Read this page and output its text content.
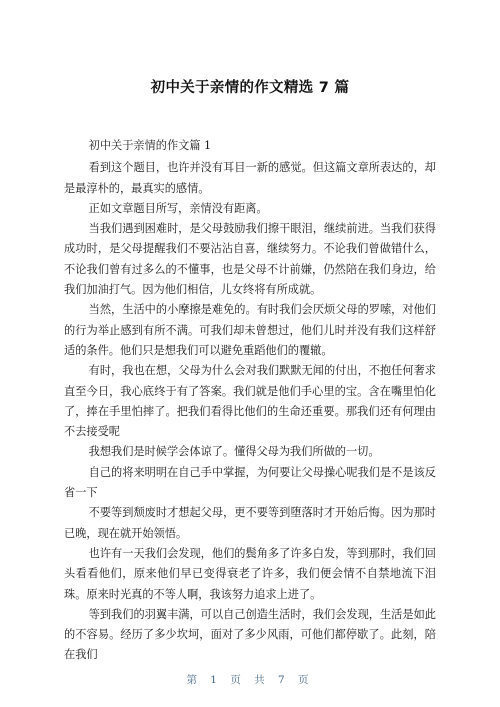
初中关于亲情的作文精选 7 篇

初中关于亲情的作文篇 1

看到这个题目，也许并没有耳目一新的感觉。但这篇文章所表达的，却是最淳朴的，最真实的感情。

正如文章题目所写，亲情没有距离。

当我们遇到困难时，是父母鼓励我们擦干眼泪，继续前进。当我们获得成功时，是父母提醒我们不要沾沾自喜，继续努力。不论我们曾做错什么，不论我们曾有过多么的不懂事，也是父母不计前嫌，仍然陪在我们身边，给我们加油打气。因为他们相信，儿女终将有所成就。

当然，生活中的小摩擦是难免的。有时我们会厌烦父母的罗嗦，对他们的行为举止感到有所不满。可我们却未曾想过，他们儿时并没有我们这样舒适的条件。他们只是想我们可以避免重蹈他们的覆辙。

有时，我也在想，父母为什么会对我们默默无闻的付出，不抱任何奢求直至今日，我心底终于有了答案。我们就是他们手心里的宝。含在嘴里怕化了，捧在手里怕摔了。把我们看得比他们的生命还重要。那我们还有何理由不去接受呢

我想我们是时候学会体谅了。懂得父母为我们所做的一切。

自己的将来明明在自己手中掌握，为何要让父母操心呢我们是不是该反省一下

不要等到颓废时才想起父母，更不要等到堕落时才开始后悔。因为那时已晚，现在就开始领悟。

也许有一天我们会发现，他们的鬓角多了许多白发，等到那时，我们回头看看他们，原来他们早已变得衰老了许多，我们便会情不自禁地流下泪珠。原来时光真的不等人啊，我该努力追求上进了。

等到我们的羽翼丰满，可以自己创造生活时，我们会发现，生活是如此的不容易。经历了多少坎坷，面对了多少风雨，可他们都停歇了。此刻，陪在我们

第 1 页 共 7 页
